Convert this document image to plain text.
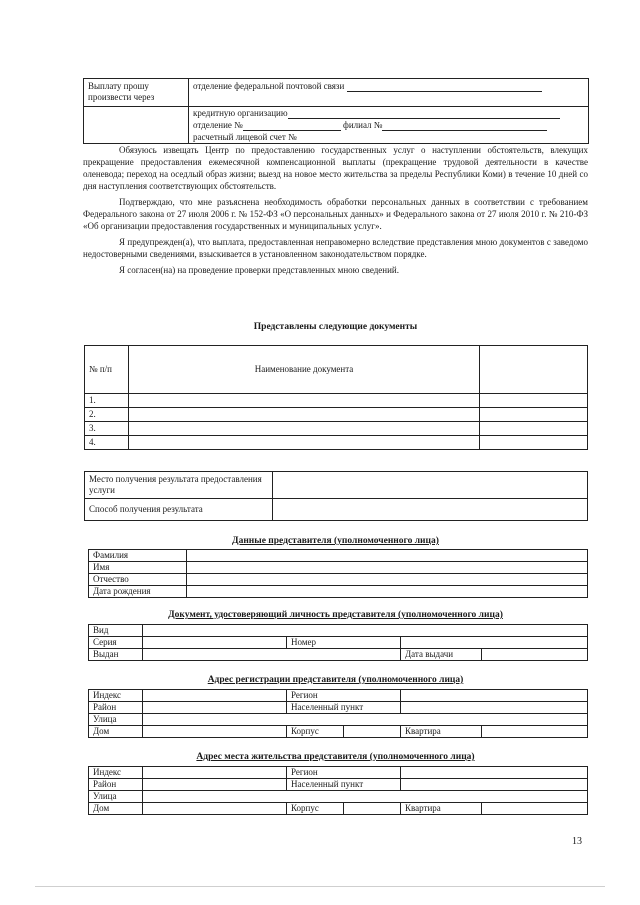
Выплату прошу произвести через	отделение федеральной почтовой связи

	кредитную организацию
отделение № филиал №
расчетный лицевой счет №
Обязуюсь извещать Центр по предоставлению государственных услуг о наступлении обстоятельств, влекущих прекращение предоставления ежемесячной компенсационной выплаты (прекращение трудовой деятельности в качестве оленевода; переход на оседлый образ жизни; выезд на новое место жительства за пределы Республики Коми) в течение 10 дней со дня наступления соответствующих обстоятельств.
Подтверждаю, что мне разъяснена необходимость обработки персональных данных в соответствии с требованием Федерального закона от 27 июля 2006 г. № 152-ФЗ «О персональных данных» и Федерального закона от 27 июля 2010 г. № 210-ФЗ «Об организации предоставления государственных и муниципальных услуг».
Я предупрежден(а), что выплата, предоставленная неправомерно вследствие представления мною документов с заведомо недостоверными сведениями, взыскивается в установленном законодательством порядке.
Я согласен(на) на проведение проверки представленных мною сведений.
Представлены следующие документы
№ п/п	Наименование документа	
1.		
2.		
3.		
4.		
Место получения результата предоставления услуги	
Способ получения результата	
Данные представителя (уполномоченного лица)
Фамилия	
Имя	
Отчество	
Дата рождения	
Документ, удостоверяющий личность представителя (уполномоченного лица)
Вид				
Серия		Номер		
Выдан			Дата выдачи	
Адрес регистрации представителя (уполномоченного лица)
Индекс		Регион			
Район		Населенный пункт			
Улица					
Дом		Корпус		Квартира	
Адрес места жительства представителя (уполномоченного лица)
Индекс		Регион			
Район		Населенный пункт			
Улица					
Дом		Корпус		Квартира	
13
